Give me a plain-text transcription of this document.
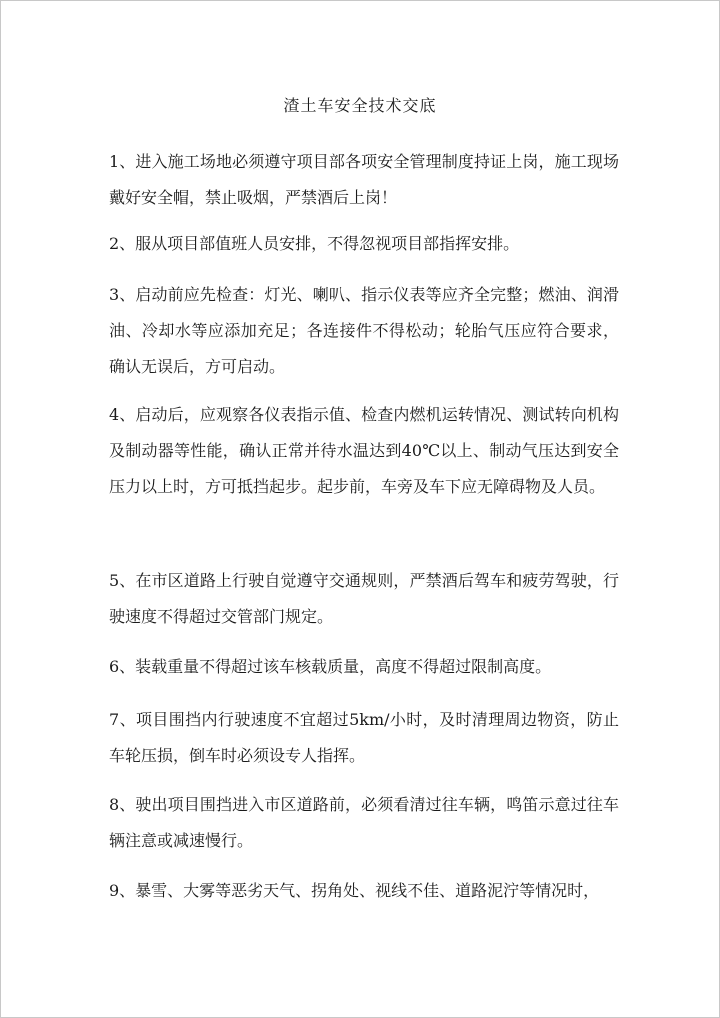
渣土车安全技术交底
1、进入施工场地必须遵守项目部各项安全管理制度持证上岗，施工现场戴好安全帽，禁止吸烟，严禁酒后上岗！
2、服从项目部值班人员安排，不得忽视项目部指挥安排。
3、启动前应先检查：灯光、喇叭、指示仪表等应齐全完整；燃油、润滑油、冷却水等应添加充足；各连接件不得松动；轮胎气压应符合要求，确认无误后，方可启动。
4、启动后，应观察各仪表指示值、检查内燃机运转情况、测试转向机构及制动器等性能，确认正常并待水温达到40℃以上、制动气压达到安全压力以上时，方可抵挡起步。起步前，车旁及车下应无障碍物及人员。
5、在市区道路上行驶自觉遵守交通规则，严禁酒后驾车和疲劳驾驶，行驶速度不得超过交管部门规定。
6、装载重量不得超过该车核载质量，高度不得超过限制高度。
7、项目围挡内行驶速度不宜超过5km/小时，及时清理周边物资，防止车轮压损，倒车时必须设专人指挥。
8、驶出项目围挡进入市区道路前，必须看清过往车辆，鸣笛示意过往车辆注意或减速慢行。
9、暴雪、大雾等恶劣天气、拐角处、视线不佳、道路泥泞等情况时，
